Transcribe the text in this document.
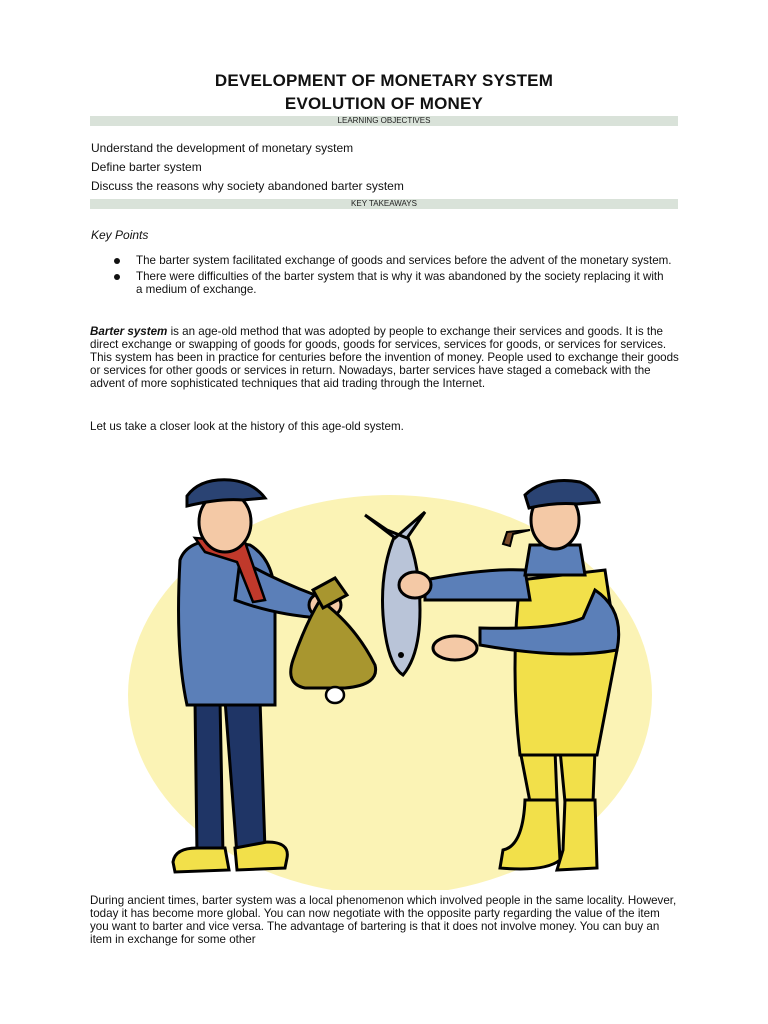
DEVELOPMENT OF MONETARY SYSTEM
EVOLUTION OF MONEY
LEARNING OBJECTIVES
Understand the development of monetary system
Define barter system
Discuss the reasons why society abandoned barter system
KEY TAKEAWAYS
Key Points
The barter system facilitated exchange of goods and services before the advent of the monetary system.
There were difficulties of the barter system that is why it was abandoned by the society replacing it with a medium of exchange.

Barter system is an age-old method that was adopted by people to exchange their services and goods. It is the direct exchange or swapping of goods for goods, goods for services, services for goods, or services for services. This system has been in practice for centuries before the invention of money. People used to exchange their goods or services for other goods or services in return. Nowadays, barter services have staged a comeback with the advent of more sophisticated techniques that aid trading through the Internet.

Let us take a closer look at the history of this age-old system.

During ancient times, barter system was a local phenomenon which involved people in the same locality. However, today it has become more global. You can now negotiate with the opposite party regarding the value of the item you want to barter and vice versa. The advantage of bartering is that it does not involve money. You can buy an item in exchange for some other
